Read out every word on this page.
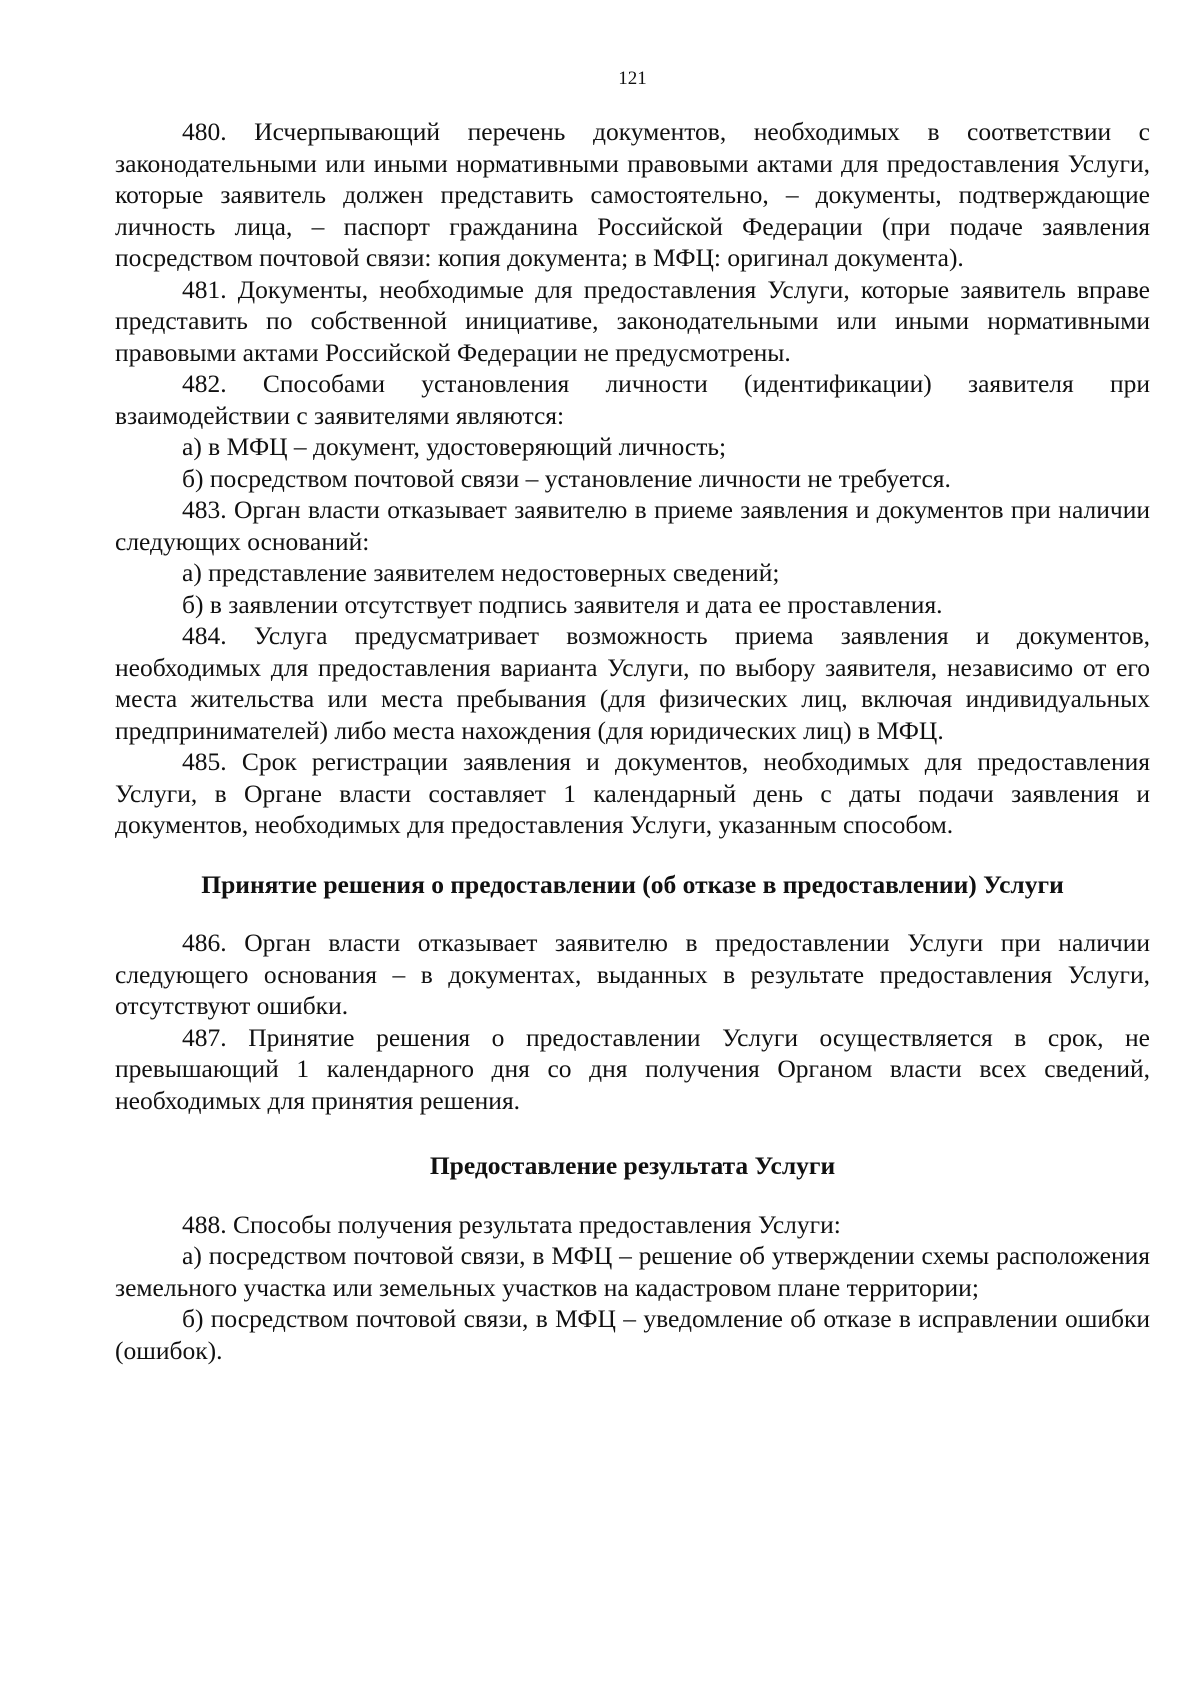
121

480. Исчерпывающий перечень документов, необходимых в соответствии с законодательными или иными нормативными правовыми актами для предоставления Услуги, которые заявитель должен представить самостоятельно, – документы, подтверждающие личность лица, – паспорт гражданина Российской Федерации (при подаче заявления посредством почтовой связи: копия документа; в МФЦ: оригинал документа).

481. Документы, необходимые для предоставления Услуги, которые заявитель вправе представить по собственной инициативе, законодательными или иными нормативными правовыми актами Российской Федерации не предусмотрены.

482. Способами установления личности (идентификации) заявителя при взаимодействии с заявителями являются:

а) в МФЦ – документ, удостоверяющий личность;

б) посредством почтовой связи – установление личности не требуется.

483. Орган власти отказывает заявителю в приеме заявления и документов при наличии следующих оснований:

а) представление заявителем недостоверных сведений;

б) в заявлении отсутствует подпись заявителя и дата ее проставления.

484. Услуга предусматривает возможность приема заявления и документов, необходимых для предоставления варианта Услуги, по выбору заявителя, независимо от его места жительства или места пребывания (для физических лиц, включая индивидуальных предпринимателей) либо места нахождения (для юридических лиц) в МФЦ.

485. Срок регистрации заявления и документов, необходимых для предоставления Услуги, в Органе власти составляет 1 календарный день с даты подачи заявления и документов, необходимых для предоставления Услуги, указанным способом.

Принятие решения о предоставлении (об отказе в предоставлении) Услуги

486. Орган власти отказывает заявителю в предоставлении Услуги при наличии следующего основания – в документах, выданных в результате предоставления Услуги, отсутствуют ошибки.

487. Принятие решения о предоставлении Услуги осуществляется в срок, не превышающий 1 календарного дня со дня получения Органом власти всех сведений, необходимых для принятия решения.

Предоставление результата Услуги

488. Способы получения результата предоставления Услуги:

а) посредством почтовой связи, в МФЦ – решение об утверждении схемы расположения земельного участка или земельных участков на кадастровом плане территории;

б) посредством почтовой связи, в МФЦ – уведомление об отказе в исправлении ошибки (ошибок).
